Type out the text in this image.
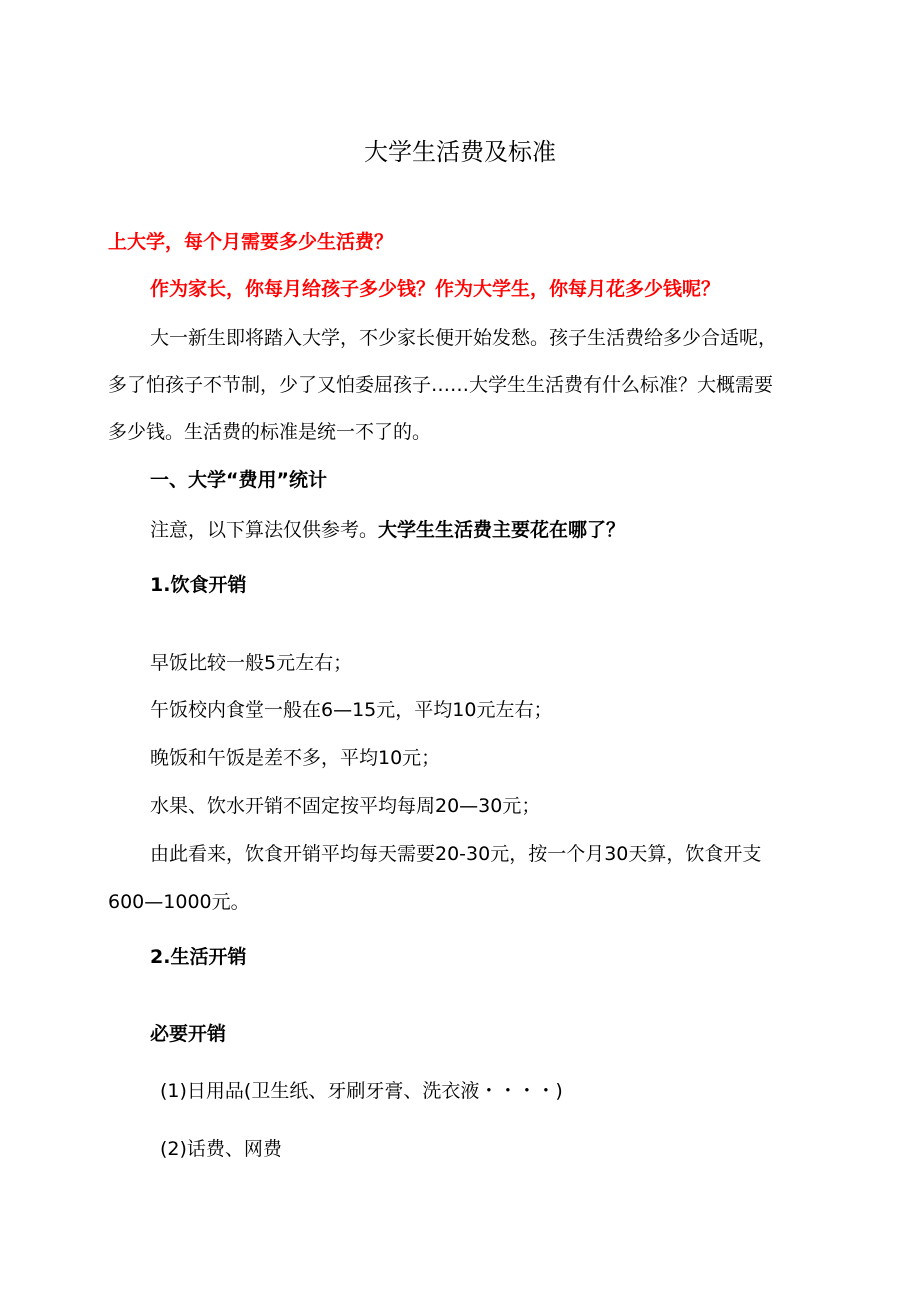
大学生活费及标准
上大学，每个月需要多少生活费？
作为家长，你每月给孩子多少钱？作为大学生，你每月花多少钱呢？
大一新生即将踏入大学，不少家长便开始发愁。孩子生活费给多少合适呢，
多了怕孩子不节制，少了又怕委屈孩子……大学生生活费有什么标准？大概需要
多少钱。生活费的标准是统一不了的。
一、大学“费用”统计
注意，以下算法仅供参考。大学生生活费主要花在哪了？
1.饮食开销
早饭比较一般5元左右；
午饭校内食堂一般在6—15元，平均10元左右；
晚饭和午饭是差不多，平均10元；
水果、饮水开销不固定按平均每周20—30元；
由此看来，饮食开销平均每天需要20-30元，按一个月30天算，饮食开支
600—1000元。
2.生活开销
必要开销
(1)日用品(卫生纸、牙刷牙膏、洗衣液・・・・)
(2)话费、网费
